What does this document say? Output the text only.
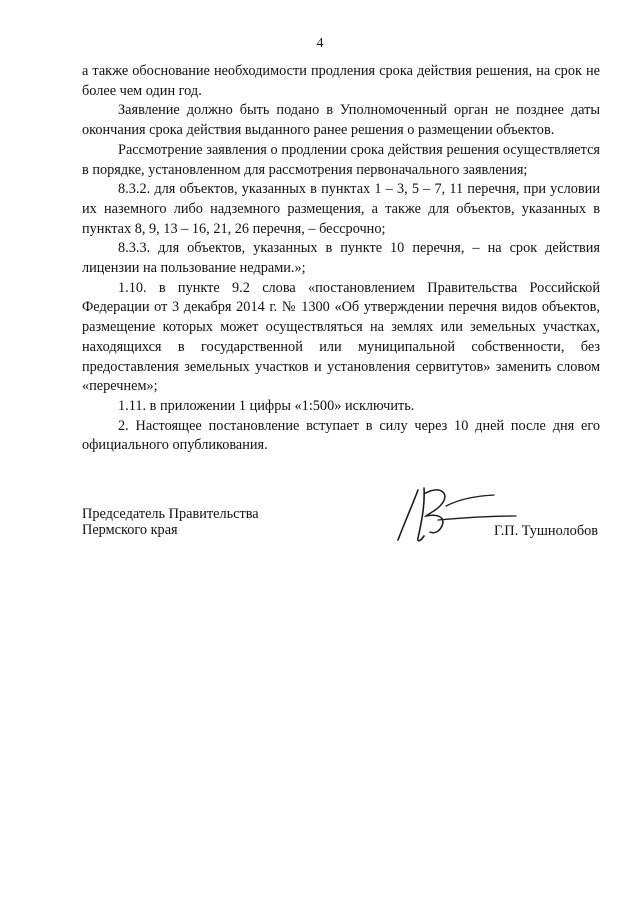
4

а также обоснование необходимости продления срока действия решения, на срок не более чем один год.

Заявление должно быть подано в Уполномоченный орган не позднее даты окончания срока действия выданного ранее решения о размещении объектов.

Рассмотрение заявления о продлении срока действия решения осуществляется в порядке, установленном для рассмотрения первоначального заявления;

8.3.2. для объектов, указанных в пунктах 1 – 3, 5 – 7, 11 перечня, при условии их наземного либо надземного размещения, а также для объектов, указанных в пунктах 8, 9, 13 – 16, 21, 26 перечня, – бессрочно;

8.3.3. для объектов, указанных в пункте 10 перечня, – на срок действия лицензии на пользование недрами.»;

1.10. в пункте 9.2 слова «постановлением Правительства Российской Федерации от 3 декабря 2014 г. № 1300 «Об утверждении перечня видов объектов, размещение которых может осуществляться на землях или земельных участках, находящихся в государственной или муниципальной собственности, без предоставления земельных участков и установления сервитутов» заменить словом «перечнем»;

1.11. в приложении 1 цифры «1:500» исключить.

2. Настоящее постановление вступает в силу через 10 дней после дня его официального опубликования.

Председатель Правительства
Пермского края	Г.П. Тушнолобов
